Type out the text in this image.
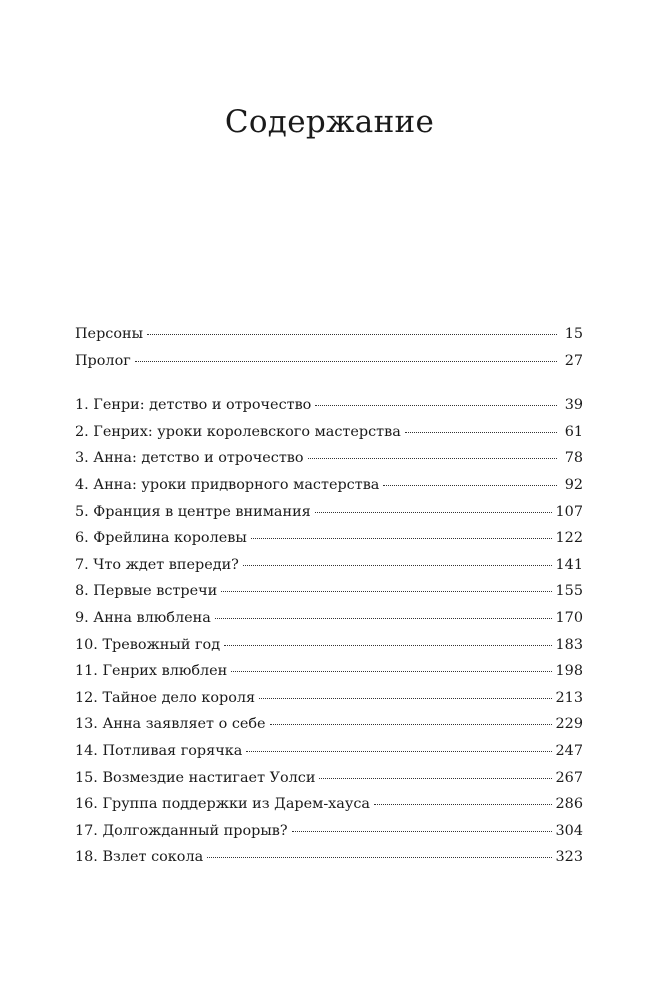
Содержание
Персоны	15
Пролог	27
1. Генри: детство и отрочество	39
2. Генрих: уроки королевского мастерства	61
3. Анна: детство и отрочество	78
4. Анна: уроки придворного мастерства	92
5. Франция в центре внимания	107
6. Фрейлина королевы	122
7. Что ждет впереди?	141
8. Первые встречи	155
9. Анна влюблена	170
10. Тревожный год	183
11. Генрих влюблен	198
12. Тайное дело короля	213
13. Анна заявляет о себе	229
14. Потливая горячка	247
15. Возмездие настигает Уолси	267
16. Группа поддержки из Дарем-хауса	286
17. Долгожданный прорыв?	304
18. Взлет сокола	323
